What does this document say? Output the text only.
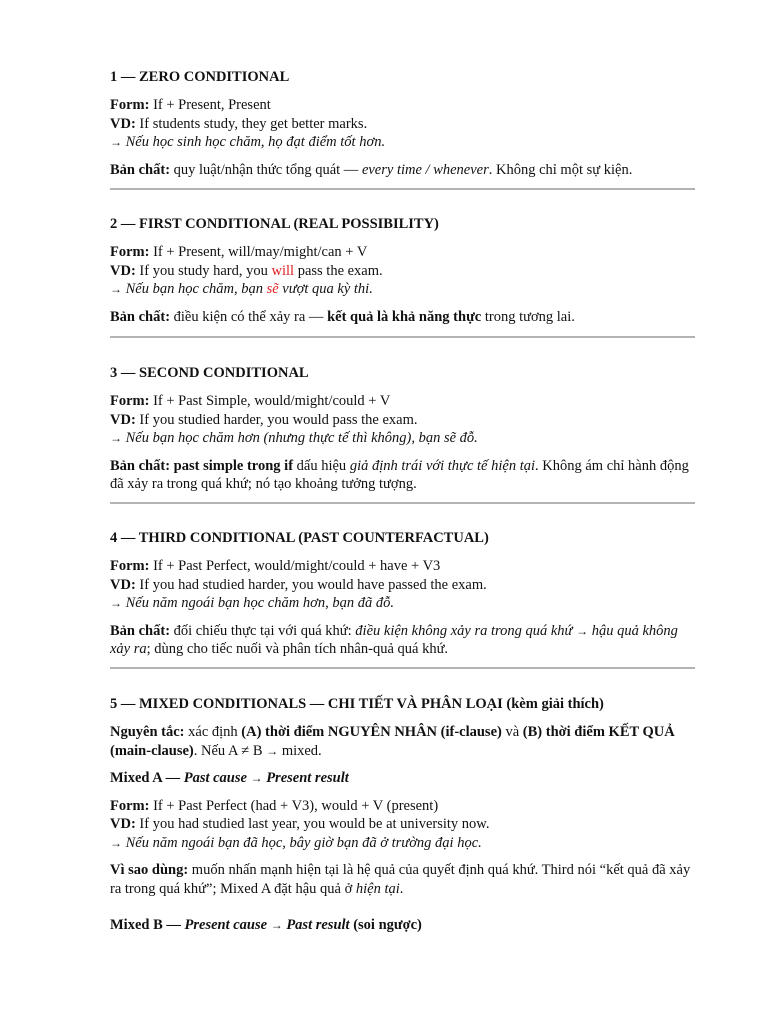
1 — ZERO CONDITIONAL

Form: If + Present, Present

VD: If students study, they get better marks.

→ Nếu học sinh học chăm, họ đạt điểm tốt hơn.

Bản chất: quy luật/nhận thức tổng quát — every time / whenever. Không chỉ một sự kiện.

2 — FIRST CONDITIONAL (REAL POSSIBILITY)

Form: If + Present, will/may/might/can + V

VD: If you study hard, you will pass the exam.

→ Nếu bạn học chăm, bạn sẽ vượt qua kỳ thi.

Bản chất: điều kiện có thể xảy ra — kết quả là khả năng thực trong tương lai.

3 — SECOND CONDITIONAL

Form: If + Past Simple, would/might/could + V

VD: If you studied harder, you would pass the exam.

→ Nếu bạn học chăm hơn (nhưng thực tế thì không), bạn sẽ đỗ.

Bản chất: past simple trong if dấu hiệu giả định trái với thực tế hiện tại. Không ám chỉ hành động đã xảy ra trong quá khứ; nó tạo khoảng tưởng tượng.

4 — THIRD CONDITIONAL (PAST COUNTERFACTUAL)

Form: If + Past Perfect, would/might/could + have + V3

VD: If you had studied harder, you would have passed the exam.

→ Nếu năm ngoái bạn học chăm hơn, bạn đã đỗ.

Bản chất: đối chiếu thực tại với quá khứ: điều kiện không xảy ra trong quá khứ → hậu quả không xảy ra; dùng cho tiếc nuối và phân tích nhân-quả quá khứ.

5 — MIXED CONDITIONALS — CHI TIẾT VÀ PHÂN LOẠI (kèm giải thích)

Nguyên tắc: xác định (A) thời điểm NGUYÊN NHÂN (if-clause) và (B) thời điểm KẾT QUẢ (main-clause). Nếu A ≠ B → mixed.

Mixed A — Past cause → Present result

Form: If + Past Perfect (had + V3), would + V (present)

VD: If you had studied last year, you would be at university now.

→ Nếu năm ngoái bạn đã học, bây giờ bạn đã ở trường đại học.

Vì sao dùng: muốn nhấn mạnh hiện tại là hệ quả của quyết định quá khứ. Third nói “kết quả đã xảy ra trong quá khứ”; Mixed A đặt hậu quả ở hiện tại.

Mixed B — Present cause → Past result (soi ngược)
